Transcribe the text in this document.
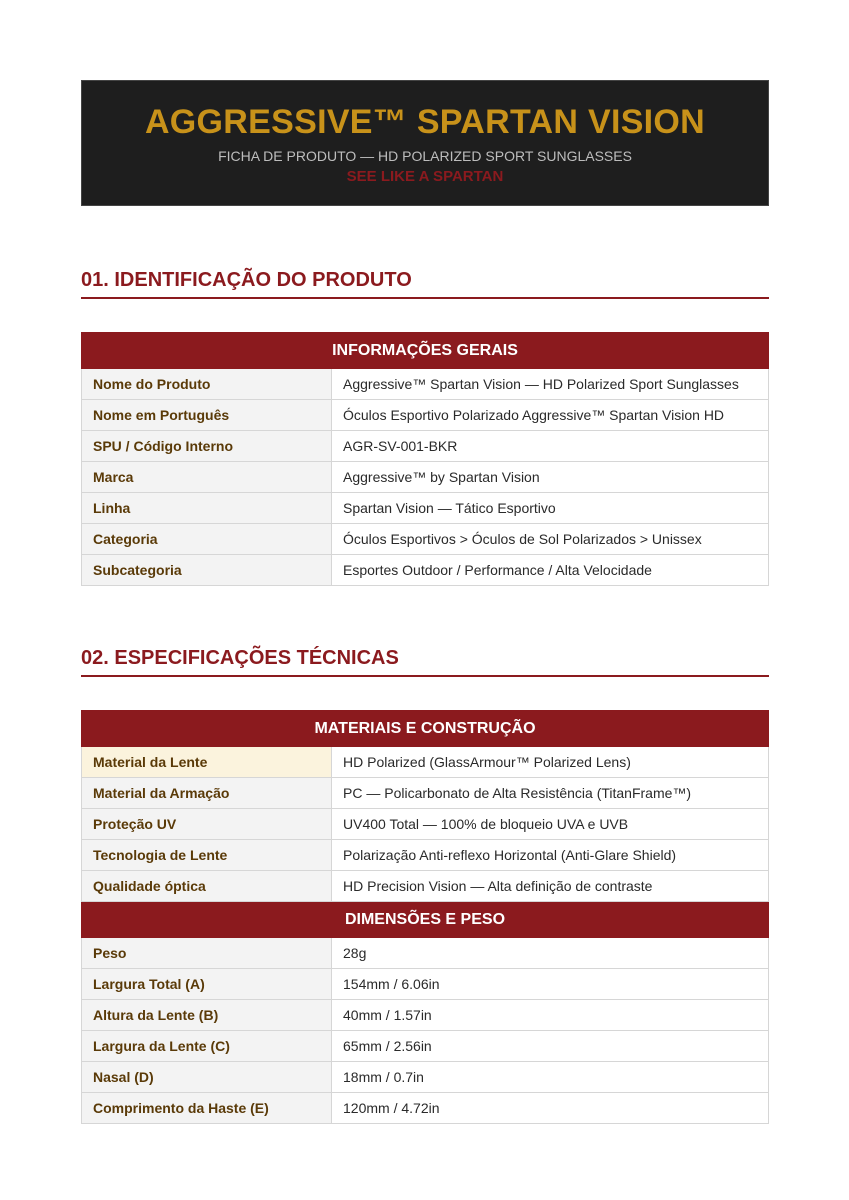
AGGRESSIVE™ SPARTAN VISION
FICHA DE PRODUTO — HD POLARIZED SPORT SUNGLASSES
SEE LIKE A SPARTAN
01. IDENTIFICAÇÃO DO PRODUTO
INFORMAÇÕES GERAIS	
Nome do Produto	Aggressive™ Spartan Vision — HD Polarized Sport Sunglasses
Nome em Português	Óculos Esportivo Polarizado Aggressive™ Spartan Vision HD
SPU / Código Interno	AGR-SV-001-BKR
Marca	Aggressive™ by Spartan Vision
Linha	Spartan Vision — Tático Esportivo
Categoria	Óculos Esportivos > Óculos de Sol Polarizados > Unissex
Subcategoria	Esportes Outdoor / Performance / Alta Velocidade
02. ESPECIFICAÇÕES TÉCNICAS
MATERIAIS E CONSTRUÇÃO	
Material da Lente	HD Polarized (GlassArmour™ Polarized Lens)
Material da Armação	PC — Policarbonato de Alta Resistência (TitanFrame™)
Proteção UV	UV400 Total — 100% de bloqueio UVA e UVB
Tecnologia de Lente	Polarização Anti-reflexo Horizontal (Anti-Glare Shield)
Qualidade óptica	HD Precision Vision — Alta definição de contraste
DIMENSÕES E PESO	
Peso	28g
Largura Total (A)	154mm / 6.06in
Altura da Lente (B)	40mm / 1.57in
Largura da Lente (C)	65mm / 2.56in
Nasal (D)	18mm / 0.7in
Comprimento da Haste (E)	120mm / 4.72in
